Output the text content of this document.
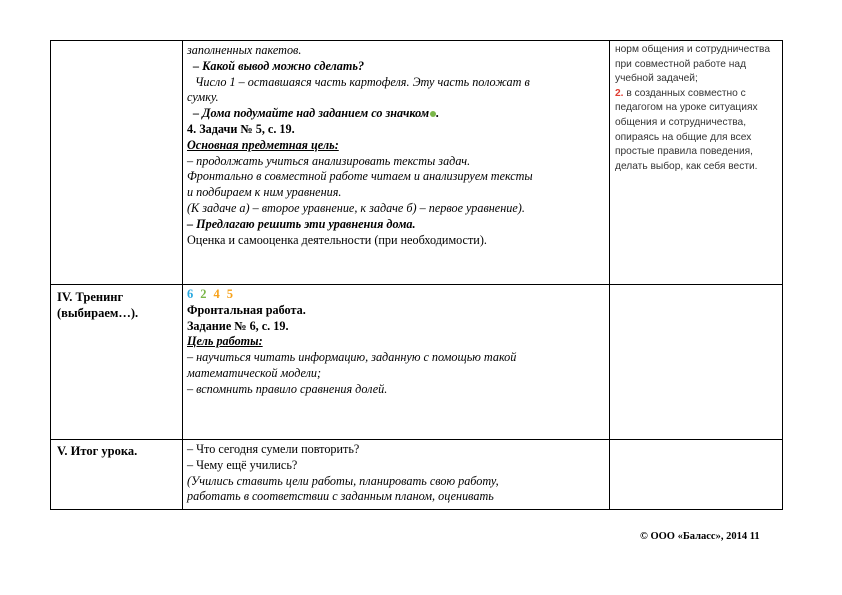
заполненных пакетов.

– Какой вывод можно сделать?

Число 1 – оставшаяся часть картофеля. Эту часть положат в

сумку.

– Дома подумайте над заданием со значком .

4. Задачи № 5, с. 19.

Основная предметная цель:

– продолжать учиться анализировать тексты задач.

Фронтально в совместной работе читаем и анализируем тексты

и подбираем к ним уравнения.

(К задаче а) – второе уравнение, к задаче б) – первое уравнение).

– Предлагаю решить эти уравнения дома.

Оценка и самооценка деятельности (при необходимости).

норм общения и сотрудничества

при совместной работе над

учебной задачей;

2. в созданных совместно с

педагогом на уроке ситуациях

общения и сотрудничества,

опираясь на общие для всех

простые правила поведения,

делать выбор, как себя вести.

IV. Тренинг

(выбираем…).

6 2 4 5

Фронтальная работа.

Задание № 6, с. 19.

Цель работы:

– научиться читать информацию, заданную с помощью такой

математической модели;

– вспомнить правило сравнения долей.

V. Итог урока.	– Что сегодня сумели повторить?

– Чему ещё учились?

(Учились ставить цели работы, планировать свою работу,

работать в соответствии с заданным планом, оценивать

© ООО «Баласс», 2014 11
